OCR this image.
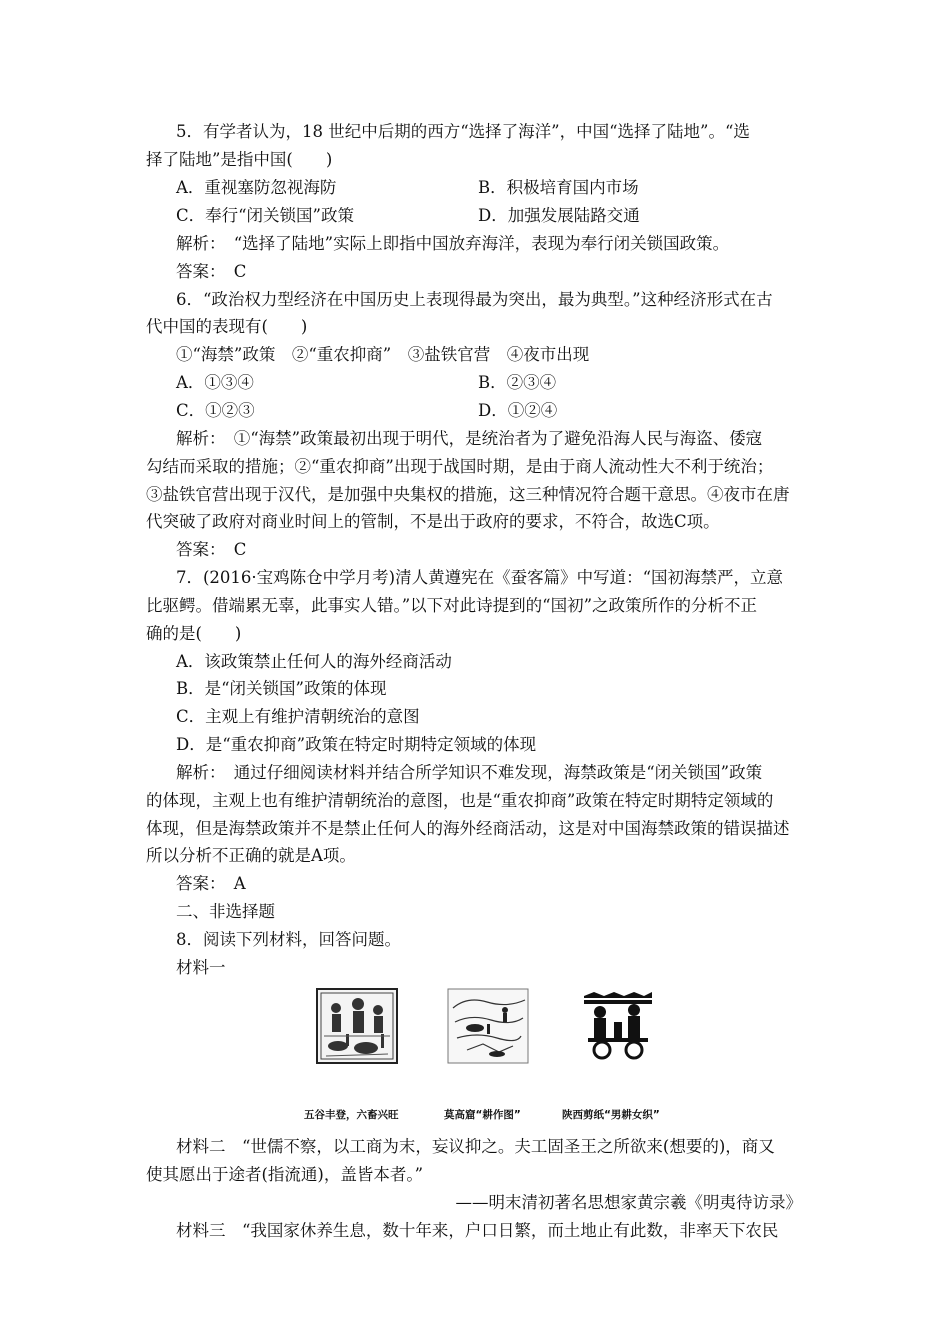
5．有学者认为，18 世纪中后期的西方“选择了海洋”，中国“选择了陆地”。“选
择了陆地”是指中国(　　)
A．重视塞防忽视海防	B．积极培育国内市场
C．奉行“闭关锁国”政策	D．加强发展陆路交通
解析：　“选择了陆地”实际上即指中国放弃海洋，表现为奉行闭关锁国政策。
答案：　C
6．“政治权力型经济在中国历史上表现得最为突出，最为典型。”这种经济形式在古
代中国的表现有(　　)
①“海禁”政策　②“重农抑商”　③盐铁官营　④夜市出现
A．①③④	B．②③④
C．①②③	D．①②④
解析：　①“海禁”政策最初出现于明代，是统治者为了避免沿海人民与海盗、倭寇
勾结而采取的措施；②“重农抑商”出现于战国时期，是由于商人流动性大不利于统治；
③盐铁官营出现于汉代，是加强中央集权的措施，这三种情况符合题干意思。④夜市在唐
代突破了政府对商业时间上的管制，不是出于政府的要求，不符合，故选C项。
答案：　C
7．(2016·宝鸡陈仓中学月考)清人黄遵宪在《蚕客篇》中写道：“国初海禁严，立意
比驱鳄。借端累无辜，此事实人错。”以下对此诗提到的“国初”之政策所作的分析不正
确的是(　　)
A．该政策禁止任何人的海外经商活动
B．是“闭关锁国”政策的体现
C．主观上有维护清朝统治的意图
D．是“重农抑商”政策在特定时期特定领域的体现
解析：　通过仔细阅读材料并结合所学知识不难发现，海禁政策是“闭关锁国”政策
的体现，主观上也有维护清朝统治的意图，也是“重农抑商”政策在特定时期特定领域的
体现，但是海禁政策并不是禁止任何人的海外经商活动，这是对中国海禁政策的错误描述
所以分析不正确的就是A项。
答案：　A
二、非选择题
8．阅读下列材料，回答问题。
材料一
五谷丰登，六畜兴旺	莫高窟“耕作图”	陕西剪纸“男耕女织”
材料二　“世儒不察，以工商为末，妄议抑之。夫工固圣王之所欲来(想要的)，商又
使其愿出于途者(指流通)，盖皆本者。”
——明末清初著名思想家黄宗羲《明夷待访录》
材料三　“我国家休养生息，数十年来，户口日繁，而土地止有此数，非率天下农民
